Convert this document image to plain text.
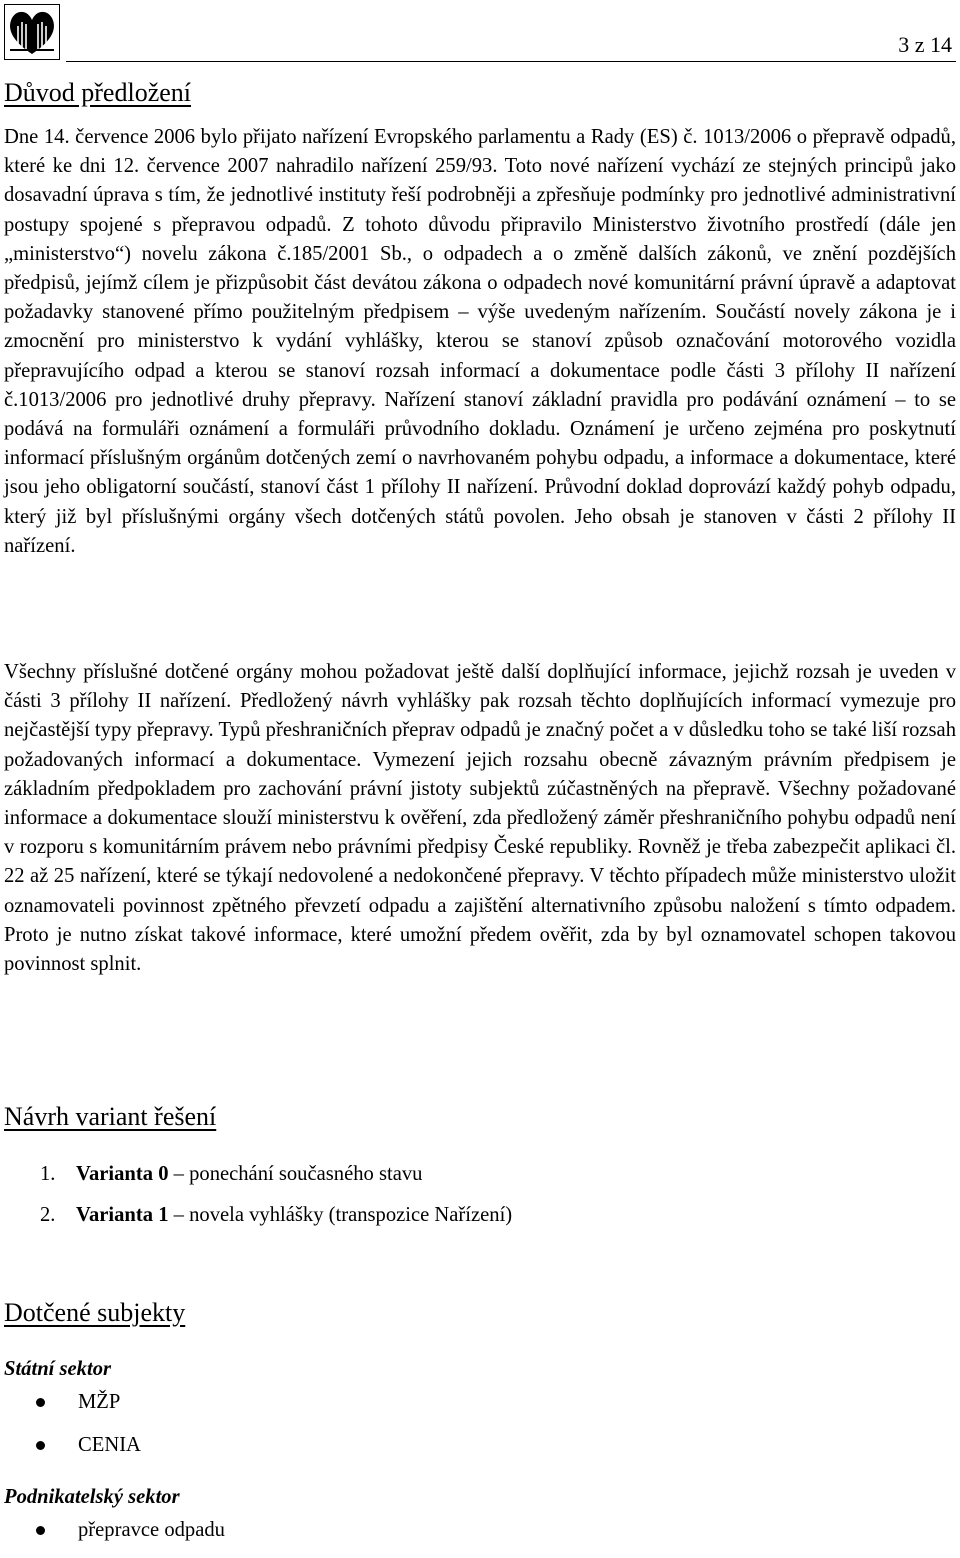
3 z 14
Důvod předložení

Dne 14. července 2006 bylo přijato nařízení Evropského parlamentu a Rady (ES) č. 1013/2006 o přepravě odpadů, které ke dni 12. července 2007 nahradilo nařízení 259/93. Toto nové nařízení vychází ze stejných principů jako dosavadní úprava s tím, že jednotlivé instituty řeší podrobněji a zpřesňuje podmínky pro jednotlivé administrativní postupy spojené s přepravou odpadů. Z tohoto důvodu připravilo Ministerstvo životního prostředí (dále jen „ministerstvo“) novelu zákona č.185/2001 Sb., o odpadech a o změně dalších zákonů, ve znění pozdějších předpisů, jejímž cílem je přizpůsobit část devátou zákona o odpadech nové komunitární právní úpravě a adaptovat požadavky stanovené přímo použitelným předpisem – výše uvedeným nařízením. Součástí novely zákona je i zmocnění pro ministerstvo k vydání vyhlášky, kterou se stanoví způsob označování motorového vozidla přepravujícího odpad a kterou se stanoví rozsah informací a dokumentace podle části 3 přílohy II nařízení č.1013/2006 pro jednotlivé druhy přepravy. Nařízení stanoví základní pravidla pro podávání oznámení – to se podává na formuláři oznámení a formuláři průvodního dokladu. Oznámení je určeno zejména pro poskytnutí informací příslušným orgánům dotčených zemí o navrhovaném pohybu odpadu, a informace a dokumentace, které jsou jeho obligatorní součástí, stanoví část 1 přílohy II nařízení. Průvodní doklad doprovází každý pohyb odpadu, který již byl příslušnými orgány všech dotčených států povolen. Jeho obsah je stanoven v části 2 přílohy II nařízení.

Všechny příslušné dotčené orgány mohou požadovat ještě další doplňující informace, jejichž rozsah je uveden v části 3 přílohy II nařízení. Předložený návrh vyhlášky pak rozsah těchto doplňujících informací vymezuje pro nejčastější typy přepravy. Typů přeshraničních přeprav odpadů je značný počet a v důsledku toho se také liší rozsah požadovaných informací a dokumentace. Vymezení jejich rozsahu obecně závazným právním předpisem je základním předpokladem pro zachování právní jistoty subjektů zúčastněných na přepravě. Všechny požadované informace a dokumentace slouží ministerstvu k ověření, zda předložený záměr přeshraničního pohybu odpadů není v rozporu s komunitárním právem nebo právními předpisy České republiky. Rovněž je třeba zabezpečit aplikaci čl. 22 až 25 nařízení, které se týkají nedovolené a nedokončené přepravy. V těchto případech může ministerstvo uložit oznamovateli povinnost zpětného převzetí odpadu a zajištění alternativního způsobu naložení s tímto odpadem. Proto je nutno získat takové informace, které umožní předem ověřit, zda by byl oznamovatel schopen takovou povinnost splnit.

Návrh variant řešení
1. Varianta 0 – ponechání současného stavu
2. Varianta 1 – novela vyhlášky (transpozice Nařízení)
Dotčené subjekty
Státní sektor
MŽP
CENIA
Podnikatelský sektor
přepravce odpadu
